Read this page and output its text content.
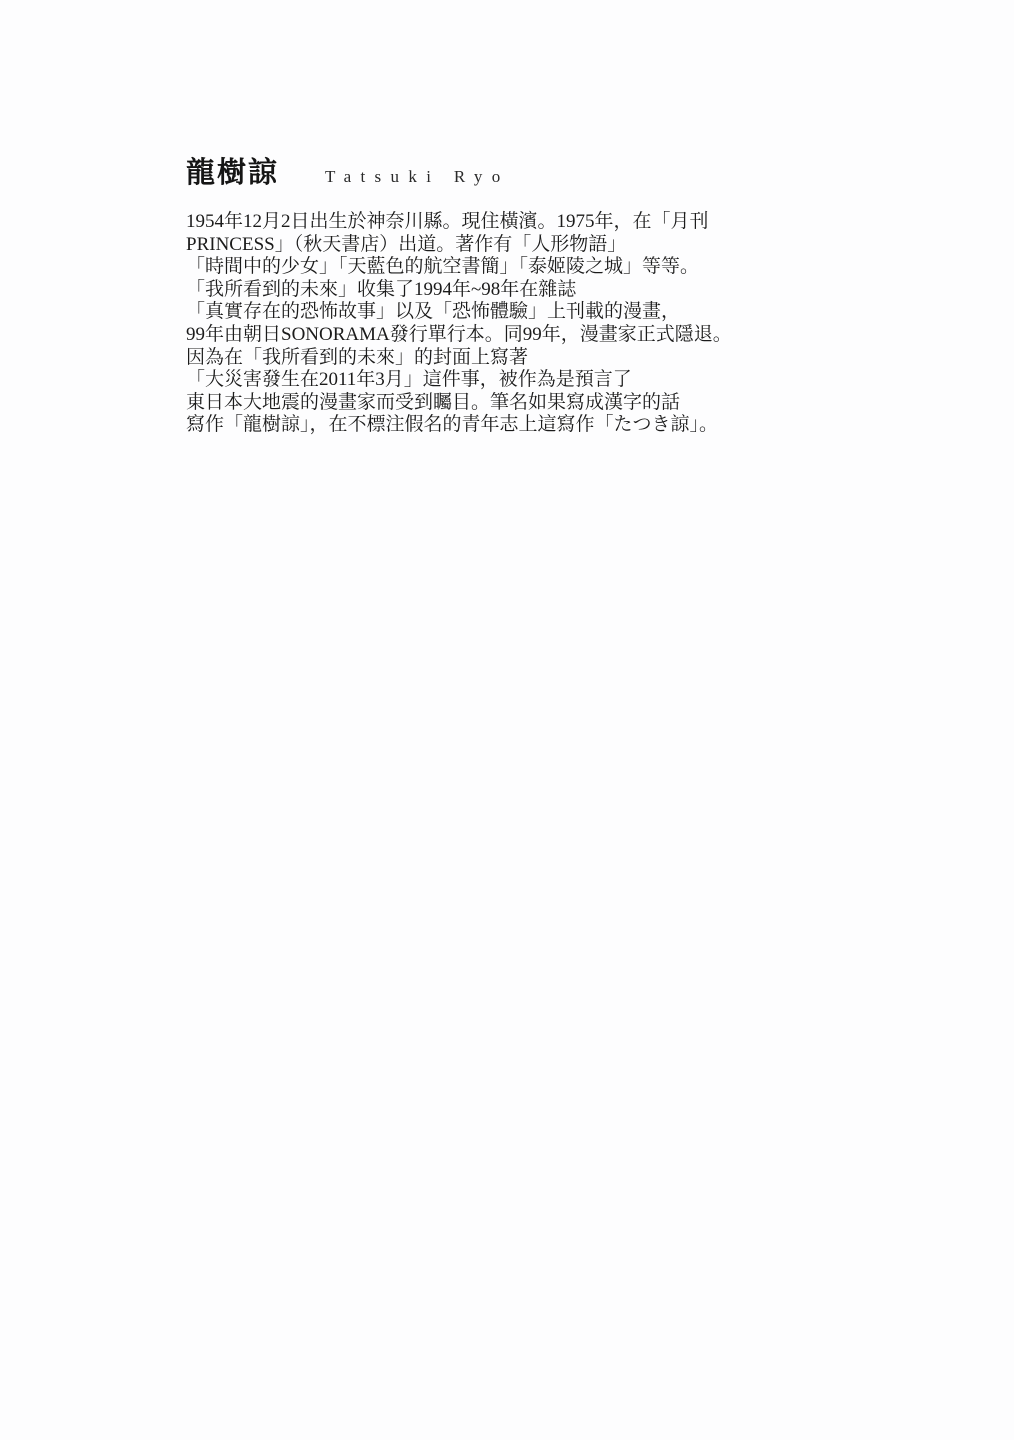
龍樹諒	Tatsuki Ryo
1954年12月2日出生於神奈川縣。現住橫濱。1975年，在「月刊
PRINCESS」（秋天書店）出道。著作有「人形物語」
「時間中的少女」「天藍色的航空書簡」「泰姬陵之城」等等。
「我所看到的未來」收集了1994年~98年在雜誌
「真實存在的恐怖故事」以及「恐怖體驗」上刊載的漫畫，
99年由朝日SONORAMA發行單行本。同99年，漫畫家正式隱退。
因為在「我所看到的未來」的封面上寫著
「大災害發生在2011年3月」這件事，被作為是預言了
東日本大地震的漫畫家而受到矚目。筆名如果寫成漢字的話
寫作「龍樹諒」，在不標注假名的青年志上這寫作「たつき諒」。
